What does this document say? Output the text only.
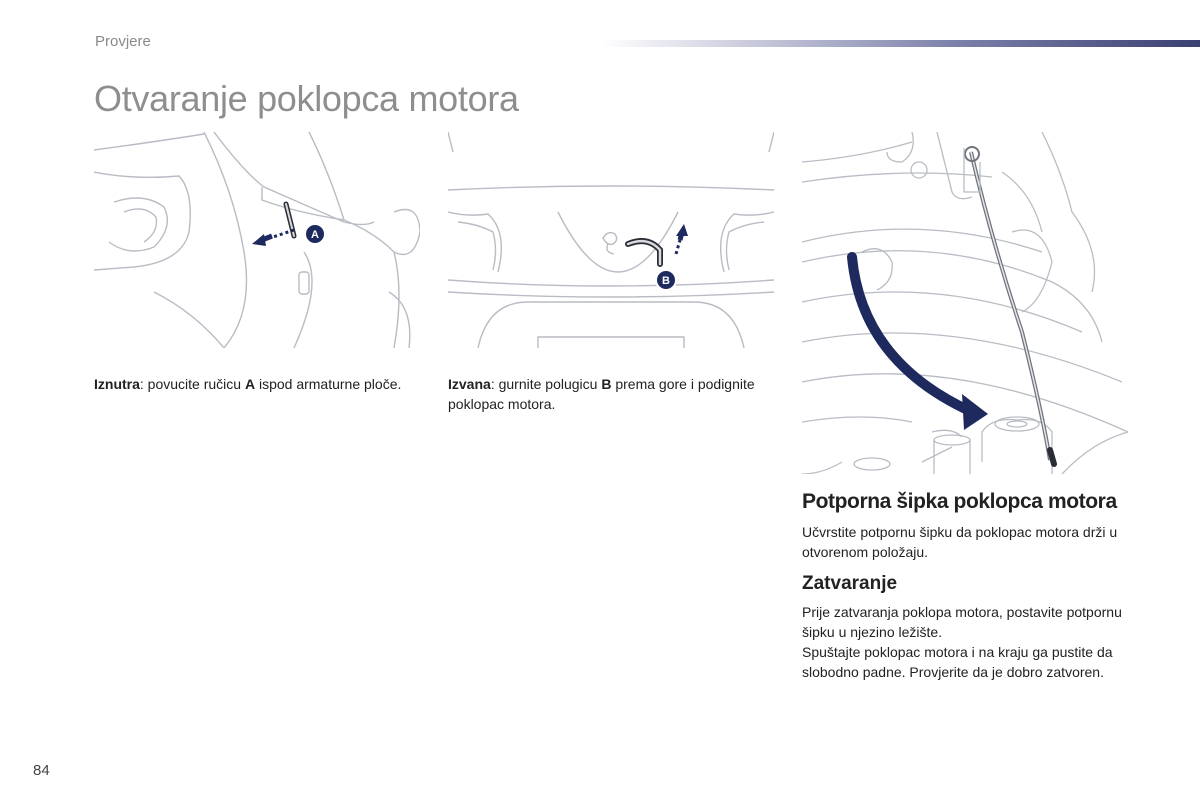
Provjere
Otvaranje poklopca motora
A
B
Iznutra: povucite ručicu A ispod armaturne ploče.	Izvana: gurnite polugicu B prema gore i podignite poklopac motora.
Potporna šipka poklopca motora
Učvrstite potpornu šipku da poklopac motora drži u otvorenom položaju.
Zatvaranje
Prije zatvaranja poklopa motora, postavite potpornu šipku u njezino ležište.
Spuštajte poklopac motora i na kraju ga pustite da slobodno padne. Provjerite da je dobro zatvoren.
84
